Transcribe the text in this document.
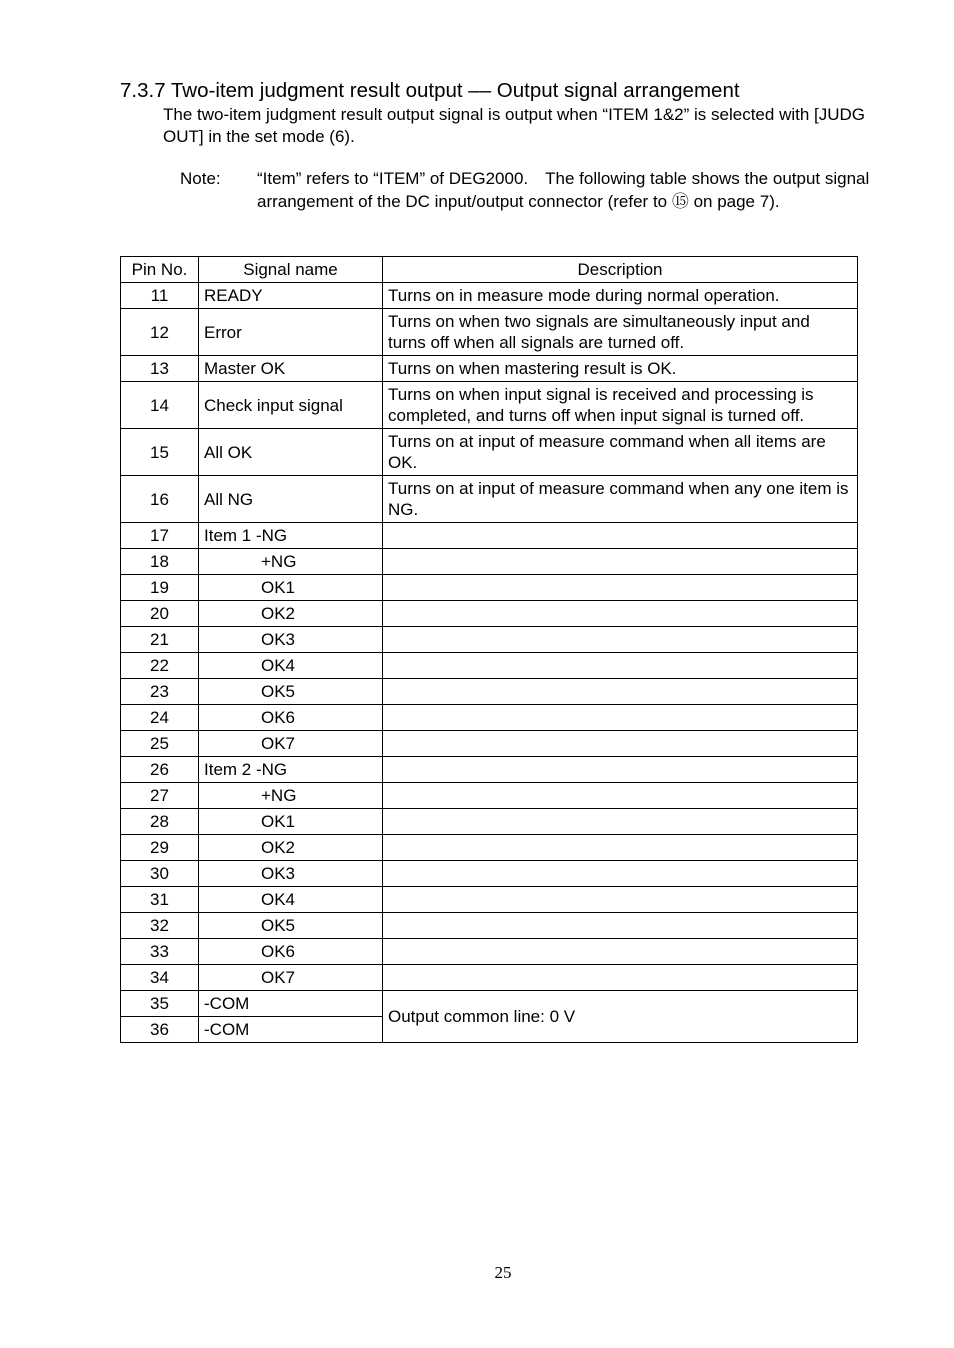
7.3.7 Two-item judgment result output –– Output signal arrangement

The two-item judgment result output signal is output when “ITEM 1&2” is selected with [JUDG OUT] in the set mode (6).

Note: “Item” refers to “ITEM” of DEG2000.　The following table shows the output signal arrangement of the DC input/output connector (refer to ⑮ on page 7).
Pin No.	Signal name	Description
11	READY	Turns on in measure mode during normal operation.
12	Error	Turns on when two signals are simultaneously input and turns off when all signals are turned off.
13	Master OK	Turns on when mastering result is OK.
14	Check input signal	Turns on when input signal is received and processing is completed, and turns off when input signal is turned off.
15	All OK	Turns on at input of measure command when all items are OK.
16	All NG	Turns on at input of measure command when any one item is NG.
17	Item 1 -NG	
18	+NG	
19	OK1	
20	OK2	
21	OK3	
22	OK4	
23	OK5	
24	OK6	
25	OK7	
26	Item 2 -NG	
27	+NG	
28	OK1	
29	OK2	
30	OK3	
31	OK4	
32	OK5	
33	OK6	
34	OK7	
35	-COM	Output common line: 0 V
36	-COM	
25
